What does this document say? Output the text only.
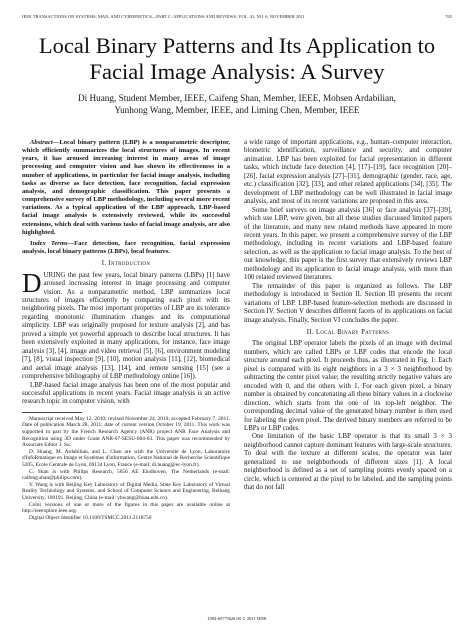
IEEE TRANSACTIONS ON SYSTEMS, MAN, AND CYBERNETICS—PART C: APPLICATIONS AND REVIEWS, VOL. 41, NO. 6, NOVEMBER 2011	765
Local Binary Patterns and Its Application to Facial Image Analysis: A Survey
Di Huang, Student Member, IEEE, Caifeng Shan, Member, IEEE, Mohsen Ardabilian,
Yunhong Wang, Member, IEEE, and Liming Chen, Member, IEEE

Abstract—Local binary pattern (LBP) is a nonparametric descriptor, which efficiently summarizes the local structures of images. In recent years, it has aroused increasing interest in many areas of image processing and computer vision and has shown its effectiveness in a number of applications, in particular for facial image analysis, including tasks as diverse as face detection, face recognition, facial expression analysis, and demographic classification. This paper presents a comprehensive survey of LBP methodology, including several more recent variations. As a typical application of the LBP approach, LBP-based facial image analysis is extensively reviewed, while its successful extensions, which deal with various tasks of facial image analysis, are also highlighted.

Index Terms—Face detection, face recognition, facial expression analysis, local binary patterns (LBPs), local features.

I. Introduction

DURING the past few years, local binary patterns (LBPs) [1] have aroused increasing interest in image processing and computer vision. As a nonparametric method, LBP summarizes local structures of images efficiently by comparing each pixel with its neighboring pixels. The most important properties of LBP are its tolerance regarding monotonic illumination changes and its computational simplicity. LBP was originally proposed for texture analysis [2], and has proved a simple yet powerful approach to describe local structures. It has been extensively exploited in many applications, for instance, face image analysis [3], [4], image and video retrieval [5], [6], environment modeling [7], [8], visual inspection [9], [10], motion analysis [11], [12], biomedical and aerial image analysis [13], [14], and remote sensing [15] (see a comprehensive bibliography of LBP methodology online [16]).

LBP-based facial image analysis has been one of the most popular and successful applications in recent years. Facial image analysis is an active research topic in computer vision, with

Manuscript received May 12, 2010; revised November 24, 2010; accepted February 7, 2011. Date of publication March 28, 2011; date of current version October 19, 2011. This work was supported in part by the French Research Agency (ANR) project ANR Face Analysis and Recognition using 3D under Grant ANR-07-SESU-004-03. This paper was recommended by Associate Editor J. Su.

D. Huang, M. Ardabilian, and L. Chen are with the Université de Lyon, Laboratoire d'InfoRmatique en Image et Systèmes d'information, Centre National de Recherche Scientifique 5205, Ecole Centrale de Lyon, 69134 Lyon, France (e-mail: di.huang@ec-lyon.fr).

C. Shan is with Philips Research, 5656 AE Eindhoven, The Netherlands (e-mail: caifeng.shan@philips.com).

Y. Wang is with Beijing Key Laboratory of Digital Media, State Key Laboratory of Virtual Reality Technology and Systems, and School of Computer Science and Engineering, Beihang University, 100191, Beijing, China (e-mail: yhwang@buaa.edu.cn).

Color versions of one or more of the figures in this paper are available online at http://ieeexplore.ieee.org.

Digital Object Identifier 10.1109/TSMCC.2011.2118750

a wide range of important applications, e.g., human–computer interaction, biometric identification, surveillance and security, and computer animation. LBP has been exploited for facial representation in different tasks, which include face detection [4], [17]–[19], face recognition [20]–[26], facial expression analysis [27]–[31], demographic (gender, race, age, etc.) classification [32], [33], and other related applications [34], [35]. The development of LBP methodology can be well illustrated in facial image analysis, and most of its recent variations are proposed in this area.

Some brief surveys on image analysis [36] or face analysis [37]–[39], which use LBP, were given, but all these studies discussed limited papers of the literature, and many new related methods have appeared in more recent years. In this paper, we present a comprehensive survey of the LBP methodology, including its recent variations and LBP-based feature selection, as well as the application to facial image analysis. To the best of our knowledge, this paper is the first survey that extensively reviews LBP methodology and its application to facial image analysis, with more than 100 related reviewed literatures.

The remainder of this paper is organized as follows. The LBP methodology is introduced in Section II. Section III presents the recent variations of LBP. LBP-based feature-selection methods are discussed in Section IV. Section V describes different facets of its applications on facial image analysis. Finally, Section VI concludes the paper.

II. Local Binary Patterns

The original LBP operator labels the pixels of an image with decimal numbers, which are called LBPs or LBP codes that encode the local structure around each pixel. It proceeds thus, as illustrated in Fig. 1: Each pixel is compared with its eight neighbors in a 3 × 3 neighborhood by subtracting the center pixel value; the resulting strictly negative values are encoded with 0, and the others with 1. For each given pixel, a binary number is obtained by concatenating all these binary values in a clockwise direction, which starts from the one of its top-left neighbor. The corresponding decimal value of the generated binary number is then used for labeling the given pixel. The derived binary numbers are referred to be LBPs or LBP codes.

One limitation of the basic LBP operator is that its small 3 × 3 neighborhood cannot capture dominant features with large-scale structures. To deal with the texture at different scales, the operator was later generalized to use neighborhoods of different sizes [1]. A local neighborhood is defined as a set of sampling points evenly spaced on a circle, which is centered at the pixel to be labeled, and the sampling points that do not fall

1094-6977/$26.00 © 2011 IEEE
